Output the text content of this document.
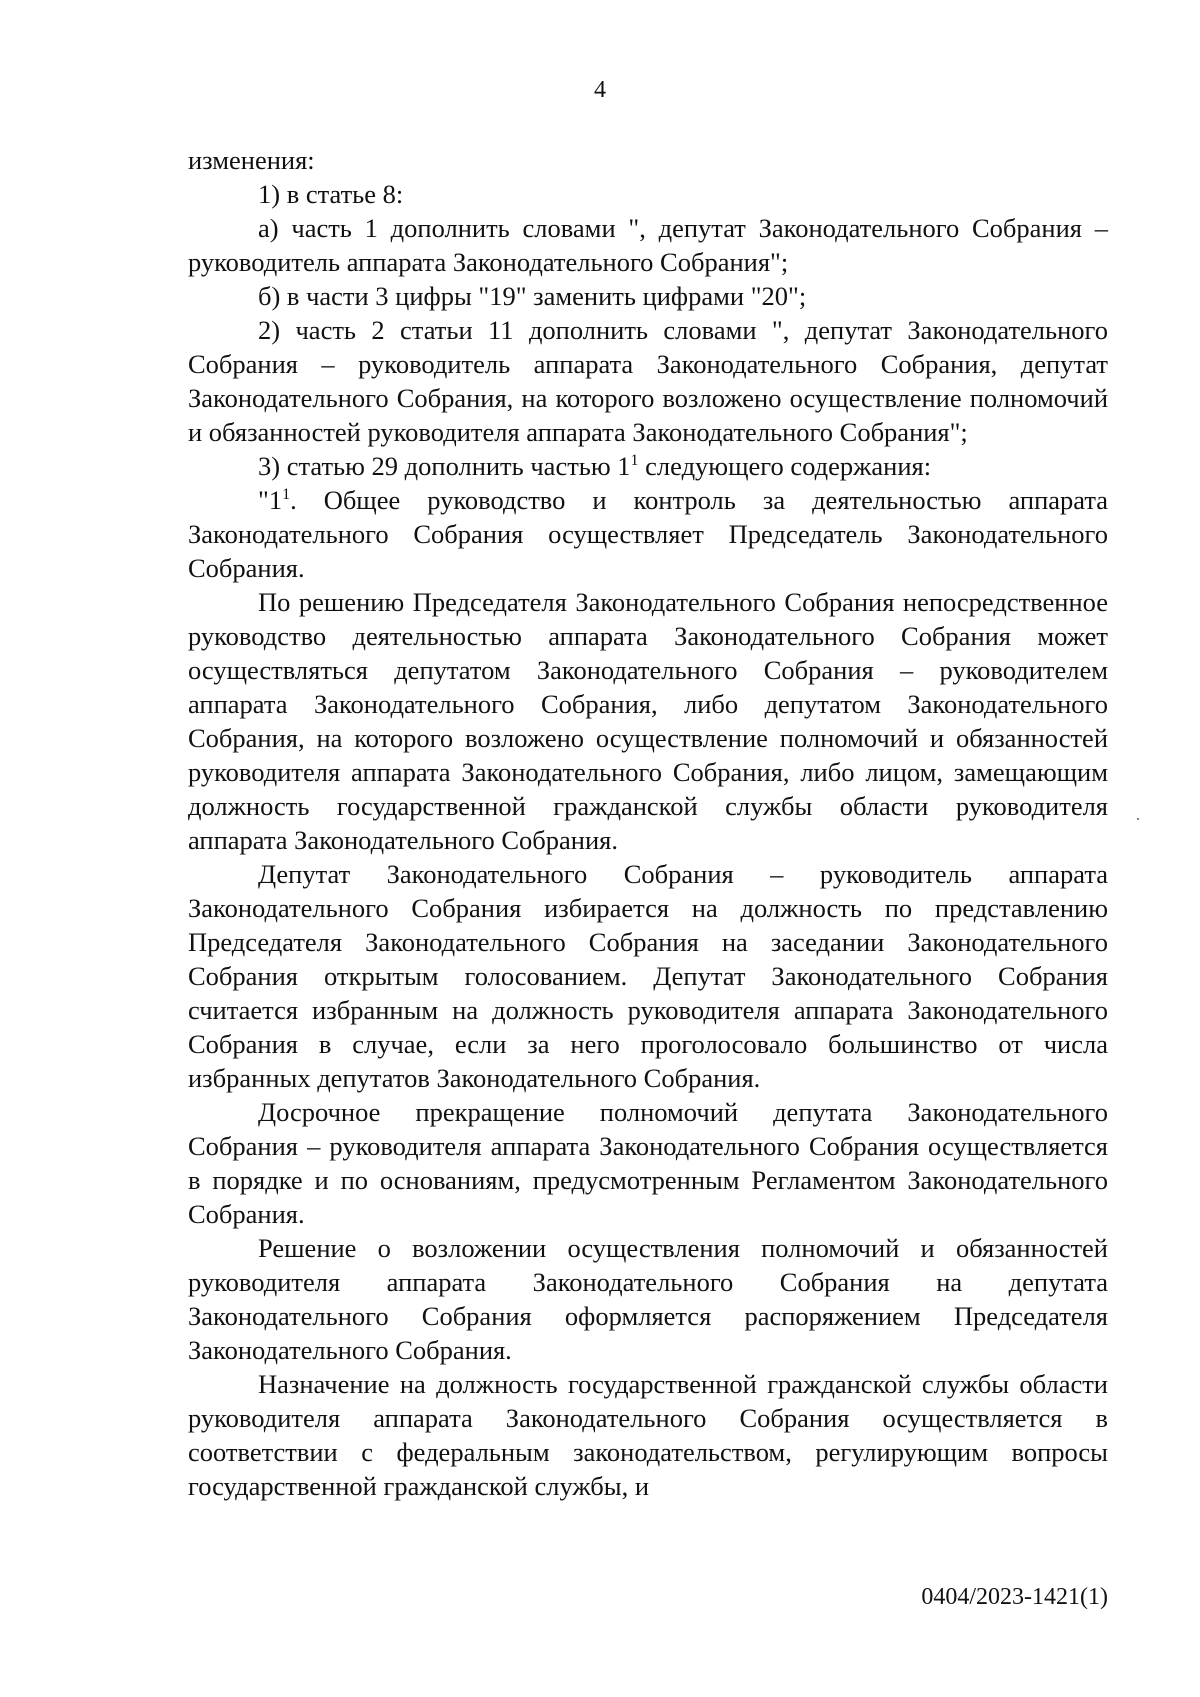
4

изменения:

1) в статье 8:

а) часть 1 дополнить словами ", депутат Законодательного Собрания – руководитель аппарата Законодательного Собрания";

б) в части 3 цифры "19" заменить цифрами "20";

2) часть 2 статьи 11 дополнить словами ", депутат Законодательного Собрания – руководитель аппарата Законодательного Собрания, депутат Законодательного Собрания, на которого возложено осуществление полномочий и обязанностей руководителя аппарата Законодательного Собрания";

3) статью 29 дополнить частью $1^1$ следующего содержания:

"$1^1$. Общее руководство и контроль за деятельностью аппарата Законодательного Собрания осуществляет Председатель Законодательного Собрания.

По решению Председателя Законодательного Собрания непосредственное руководство деятельностью аппарата Законодательного Собрания может осуществляться депутатом Законодательного Собрания – руководителем аппарата Законодательного Собрания, либо депутатом Законодательного Собрания, на которого возложено осуществление полномочий и обязанностей руководителя аппарата Законодательного Собрания, либо лицом, замещающим должность государственной гражданской службы области руководителя аппарата Законодательного Собрания.

Депутат Законодательного Собрания – руководитель аппарата Законодательного Собрания избирается на должность по представлению Председателя Законодательного Собрания на заседании Законодательного Собрания открытым голосованием. Депутат Законодательного Собрания считается избранным на должность руководителя аппарата Законодательного Собрания в случае, если за него проголосовало большинство от числа избранных депутатов Законодательного Собрания.

Досрочное прекращение полномочий депутата Законодательного Собрания – руководителя аппарата Законодательного Собрания осуществляется в порядке и по основаниям, предусмотренным Регламентом Законодательного Собрания.

Решение о возложении осуществления полномочий и обязанностей руководителя аппарата Законодательного Собрания на депутата Законодательного Собрания оформляется распоряжением Председателя Законодательного Собрания.

Назначение на должность государственной гражданской службы области руководителя аппарата Законодательного Собрания осуществляется в соответствии с федеральным законодательством, регулирующим вопросы государственной гражданской службы, и

0404/2023-1421(1)
